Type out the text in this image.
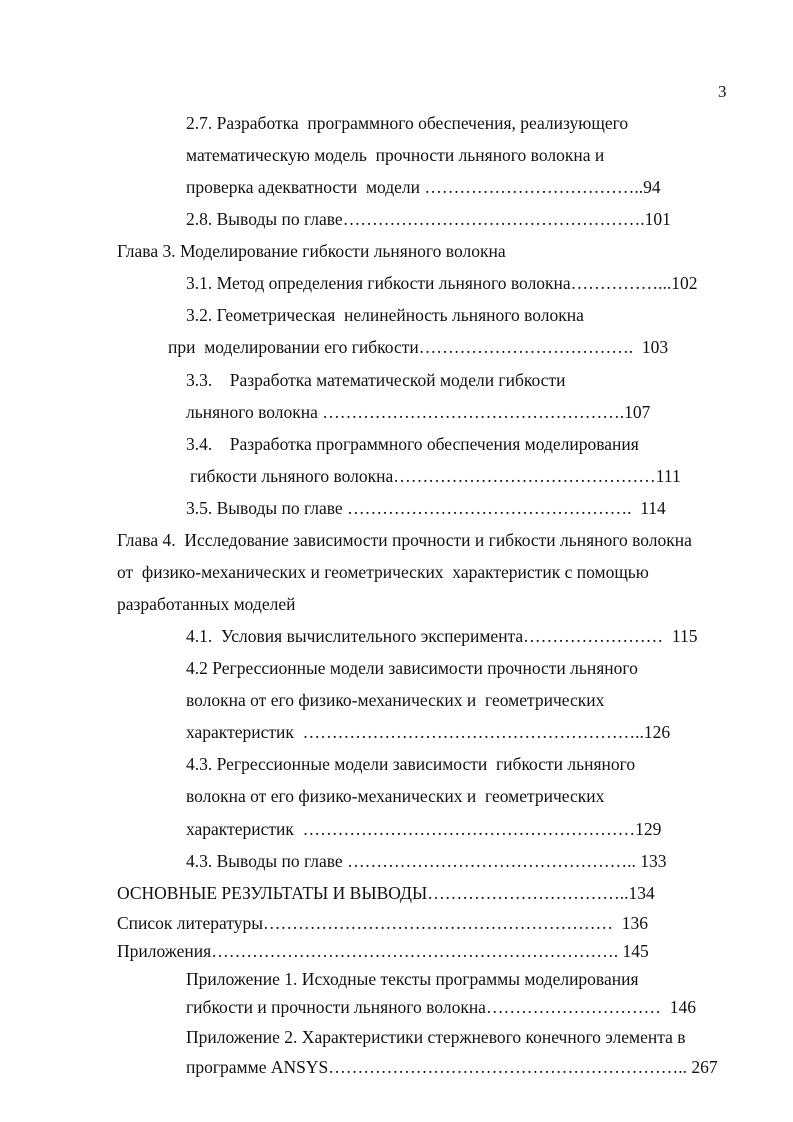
3
2.7. Разработка  программного обеспечения, реализующего
математическую модель  прочности льняного волокна и
проверка адекватности  модели ………………………………..94
2.8. Выводы по главе…………………………………………….101
Глава 3. Моделирование гибкости льняного волокна
3.1. Метод определения гибкости льняного волокна……………...102
3.2. Геометрическая  нелинейность льняного волокна
при  моделировании его гибкости……………………………….  103
3.3.    Разработка математической модели гибкости
льняного волокна …………………………………………….107
3.4.    Разработка программного обеспечения моделирования
гибкости льняного волокна………………………………………111
3.5. Выводы по главе ………………………………………….  114
Глава 4.  Исследование зависимости прочности и гибкости льняного волокна
от  физико-механических и геометрических  характеристик с помощью
разработанных моделей
4.1.  Условия вычислительного эксперимента……………………  115
4.2 Регрессионные модели зависимости прочности льняного
волокна от его физико-механических и  геометрических
характеристик  …………………………………………………..126
4.3. Регрессионные модели зависимости  гибкости льняного
волокна от его физико-механических и  геометрических
характеристик  …………………………………………………129
4.3. Выводы по главе ………………………………………….. 133
ОСНОВНЫЕ РЕЗУЛЬТАТЫ И ВЫВОДЫ……………………………..134
Список литературы……………………………………………………  136
Приложения……………………………………………………………. 145
Приложение 1. Исходные тексты программы моделирования
гибкости и прочности льняного волокна…………………………  146
Приложение 2. Характеристики стержневого конечного элемента в
программе ANSYS…………………………………………………….. 267
